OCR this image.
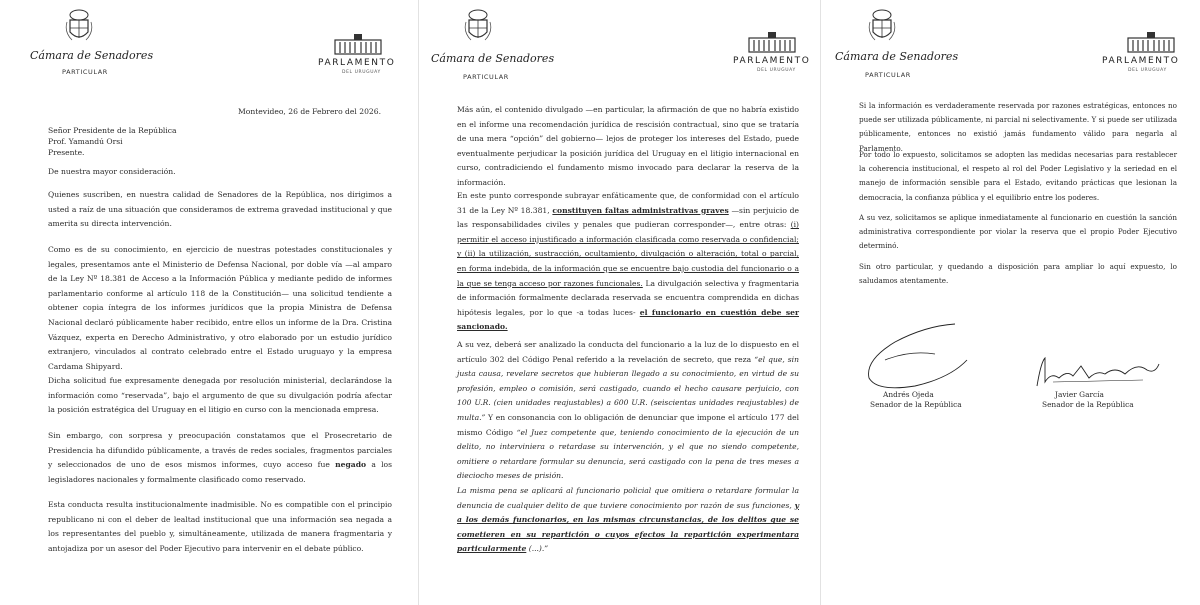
Cámara de Senadores
PARTICULAR
PARLAMENTO
DEL URUGUAY

Montevideo, 26 de Febrero del 2026.

Señor Presidente de la República

Prof. Yamandú Orsi

Presente.

De nuestra mayor consideración.

Quienes suscriben, en nuestra calidad de Senadores de la República, nos dirigimos a usted a raíz de una situación que consideramos de extrema gravedad institucional y que amerita su directa intervención.

Como es de su conocimiento, en ejercicio de nuestras potestades constitucionales y legales, presentamos ante el Ministerio de Defensa Nacional, por doble vía —al amparo de la Ley Nº 18.381 de Acceso a la Información Pública y mediante pedido de informes parlamentario conforme al artículo 118 de la Constitución— una solicitud tendiente a obtener copia íntegra de los informes jurídicos que la propia Ministra de Defensa Nacional declaró públicamente haber recibido, entre ellos un informe de la Dra. Cristina Vázquez, experta en Derecho Administrativo, y otro elaborado por un estudio jurídico extranjero, vinculados al contrato celebrado entre el Estado uruguayo y la empresa Cardama Shipyard.

Dicha solicitud fue expresamente denegada por resolución ministerial, declarándose la información como “reservada”, bajo el argumento de que su divulgación podría afectar la posición estratégica del Uruguay en el litigio en curso con la mencionada empresa.

Sin embargo, con sorpresa y preocupación constatamos que el Prosecretario de Presidencia ha difundido públicamente, a través de redes sociales, fragmentos parciales y seleccionados de uno de esos mismos informes, cuyo acceso fue negado a los legisladores nacionales y formalmente clasificado como reservado.

Esta conducta resulta institucionalmente inadmisible. No es compatible con el principio republicano ni con el deber de lealtad institucional que una información sea negada a los representantes del pueblo y, simultáneamente, utilizada de manera fragmentaria y antojadiza por un asesor del Poder Ejecutivo para intervenir en el debate público.

Cámara de Senadores
PARTICULAR
PARLAMENTO
DEL URUGUAY

Más aún, el contenido divulgado —en particular, la afirmación de que no habría existido en el informe una recomendación jurídica de rescisión contractual, sino que se trataría de una mera “opción” del gobierno— lejos de proteger los intereses del Estado, puede eventualmente perjudicar la posición jurídica del Uruguay en el litigio internacional en curso, contradiciendo el fundamento mismo invocado para declarar la reserva de la información.

En este punto corresponde subrayar enfáticamente que, de conformidad con el artículo 31 de la Ley Nº 18.381, constituyen faltas administrativas graves —sin perjuicio de las responsabilidades civiles y penales que pudieran corresponder—, entre otras: (i) permitir el acceso injustificado a información clasificada como reservada o confidencial; y (ii) la utilización, sustracción, ocultamiento, divulgación o alteración, total o parcial, en forma indebida, de la información que se encuentre bajo custodia del funcionario o a la que se tenga acceso por razones funcionales. La divulgación selectiva y fragmentaria de información formalmente declarada reservada se encuentra comprendida en dichas hipótesis legales, por lo que -a todas luces- el funcionario en cuestión debe ser sancionado.

A su vez, deberá ser analizado la conducta del funcionario a la luz de lo dispuesto en el artículo 302 del Código Penal referido a la revelación de secreto, que reza “el que, sin justa causa, revelare secretos que hubieran llegado a su conocimiento, en virtud de su profesión, empleo o comisión, será castigado, cuando el hecho causare perjuicio, con 100 U.R. (cien unidades reajustables) a 600 U.R. (seiscientas unidades reajustables) de multa.” Y en consonancia con lo obligación de denunciar que impone el artículo 177 del mismo Código “el Juez competente que, teniendo conocimiento de la ejecución de un delito, no interviniera o retardase su intervención, y el que no siendo competente, omitiere o retardare formular su denuncia, será castigado con la pena de tres meses a dieciocho meses de prisión.

La misma pena se aplicará al funcionario policial que omitiera o retardare formular la denuncia de cualquier delito de que tuviere conocimiento por razón de sus funciones, y a los demás funcionarios, en las mismas circunstancias, de los delitos que se cometieren en su repartición o cuyos efectos la repartición experimentara particularmente (...).”

Cámara de Senadores
PARTICULAR
PARLAMENTO
DEL URUGUAY

Si la información es verdaderamente reservada por razones estratégicas, entonces no puede ser utilizada públicamente, ni parcial ni selectivamente. Y si puede ser utilizada públicamente, entonces no existió jamás fundamento válido para negarla al Parlamento.

Por todo lo expuesto, solicitamos se adopten las medidas necesarias para restablecer la coherencia institucional, el respeto al rol del Poder Legislativo y la seriedad en el manejo de información sensible para el Estado, evitando prácticas que lesionan la democracia, la confianza pública y el equilibrio entre los poderes.

A su vez, solicitamos se aplique inmediatamente al funcionario en cuestión la sanción administrativa correspondiente por violar la reserva que el propio Poder Ejecutivo determinó.

Sin otro particular, y quedando a disposición para ampliar lo aquí expuesto, lo saludamos atentamente.

Andrés Ojeda
Senador de la República
Javier García
Senador de la República
